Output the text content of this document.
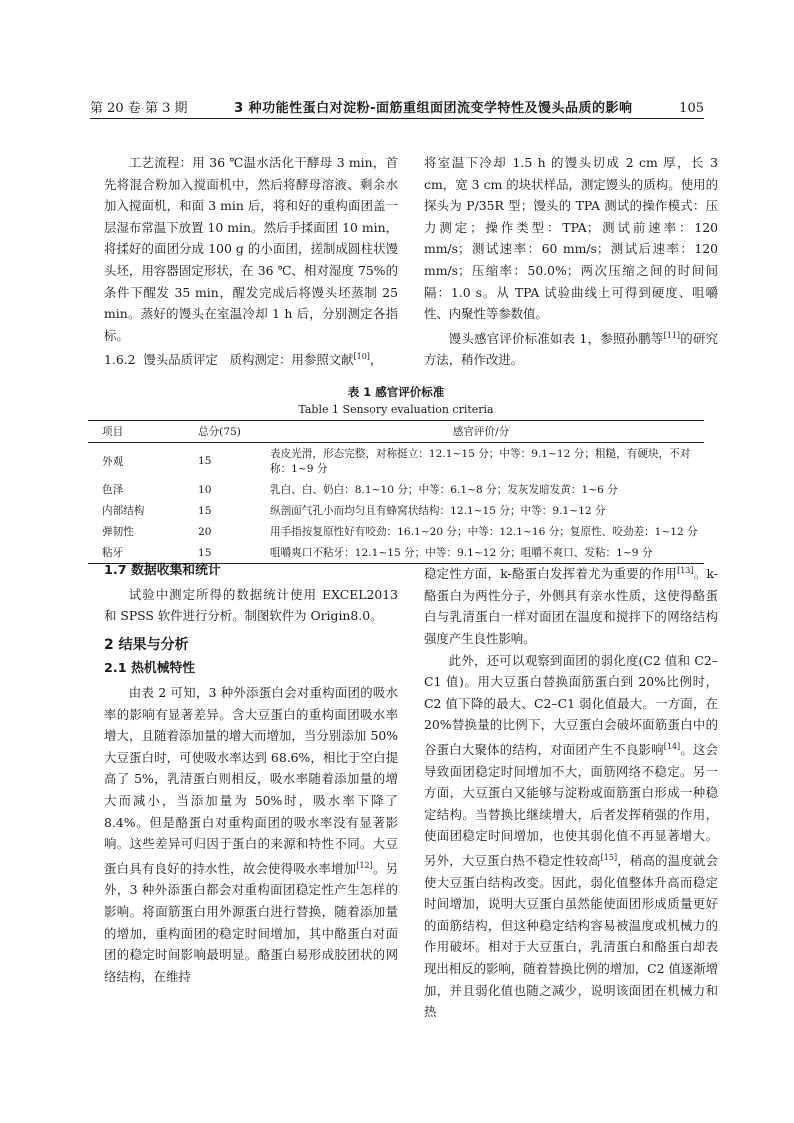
第 20 卷 第 3 期	3 种功能性蛋白对淀粉-面筋重组面团流变学特性及馒头品质的影响	105

工艺流程：用 36 ℃温水活化干酵母 3 min，首先将混合粉加入搅面机中，然后将酵母溶液、剩余水加入搅面机，和面 3 min 后，将和好的重构面团盖一层湿布常温下放置 10 min。然后手揉面团 10 min，将揉好的面团分成 100 g 的小面团，搓制成圆柱状馒头坯，用容器固定形状，在 36 ℃、相对湿度 75%的条件下醒发 35 min，醒发完成后将馒头坯蒸制 25 min。蒸好的馒头在室温冷却 1 h 后，分别测定各指标。

1.6.2 馒头品质评定 质构测定：用参照文献[10]，

将室温下冷却 1.5 h 的馒头切成 2 cm 厚，长 3 cm，宽 3 cm 的块状样品，测定馒头的质构。使用的探头为 P/35R 型；馒头的 TPA 测试的操作模式：压力测定；操作类型：TPA；测试前速率：120 mm/s；测试速率：60 mm/s；测试后速率：120 mm/s；压缩率：50.0%；两次压缩之间的时间间隔：1.0 s。从 TPA 试验曲线上可得到硬度、咀嚼性、内聚性等参数值。

馒头感官评价标准如表 1，参照孙鹏等[11]的研究方法，稍作改进。

表 1 感官评价标准
Table 1 Sensory evaluation criteria
项目	总分(75)	感官评价/分
外观	15	表皮光滑，形态完整，对称挺立：12.1~15 分；中等：9.1~12 分；粗糙，有硬块，不对称：1~9 分
色泽	10	乳白、白、奶白：8.1~10 分；中等：6.1~8 分；发灰发暗发黄：1~6 分
内部结构	15	纵剖面气孔小而均匀且有蜂窝状结构：12.1~15 分；中等：9.1~12 分
弹韧性	20	用手指按复原性好有咬劲：16.1~20 分；中等：12.1~16 分；复原性、咬劲差：1~12 分
粘牙	15	咀嚼爽口不粘牙：12.1~15 分；中等：9.1~12 分；咀嚼不爽口、发粘：1~9 分
1.7 数据收集和统计

试验中测定所得的数据统计使用 EXCEL2013 和 SPSS 软件进行分析。制图软件为 Origin8.0。

2 结果与分析
2.1 热机械特性

由表 2 可知，3 种外添蛋白会对重构面团的吸水率的影响有显著差异。含大豆蛋白的重构面团吸水率增大，且随着添加量的增大而增加，当分别添加 50%大豆蛋白时，可使吸水率达到 68.6%，相比于空白提高了 5%，乳清蛋白则相反，吸水率随着添加量的增大而减小，当添加量为 50%时，吸水率下降了 8.4%。但是酪蛋白对重构面团的吸水率没有显著影响。这些差异可归因于蛋白的来源和特性不同。大豆蛋白具有良好的持水性，故会使得吸水率增加[12]。另外，3 种外添蛋白都会对重构面团稳定性产生怎样的影响。将面筋蛋白用外源蛋白进行替换，随着添加量的增加，重构面团的稳定时间增加，其中酪蛋白对面团的稳定时间影响最明显。酪蛋白易形成胶团状的网络结构，在维持

稳定性方面，k-酪蛋白发挥着尤为重要的作用[13]。k-酪蛋白为两性分子，外侧具有亲水性质，这使得酪蛋白与乳清蛋白一样对面团在温度和搅拌下的网络结构强度产生良性影响。

此外，还可以观察到面团的弱化度(C2 值和 C2–C1 值)。用大豆蛋白替换面筋蛋白到 20%比例时，C2 值下降的最大、C2–C1 弱化值最大。一方面，在 20%替换量的比例下，大豆蛋白会破坏面筋蛋白中的谷蛋白大聚体的结构，对面团产生不良影响[14]。这会导致面团稳定时间增加不大，面筋网络不稳定。另一方面，大豆蛋白又能够与淀粉或面筋蛋白形成一种稳定结构。当替换比继续增大，后者发挥稍强的作用，使面团稳定时间增加，也使其弱化值不再显著增大。另外，大豆蛋白热不稳定性较高[15]，稍高的温度就会使大豆蛋白结构改变。因此，弱化值整体升高而稳定时间增加，说明大豆蛋白虽然能使面团形成质量更好的面筋结构，但这种稳定结构容易被温度或机械力的作用破坏。相对于大豆蛋白，乳清蛋白和酪蛋白却表现出相反的影响，随着替换比例的增加，C2 值逐渐增加，并且弱化值也随之减少，说明该面团在机械力和热
